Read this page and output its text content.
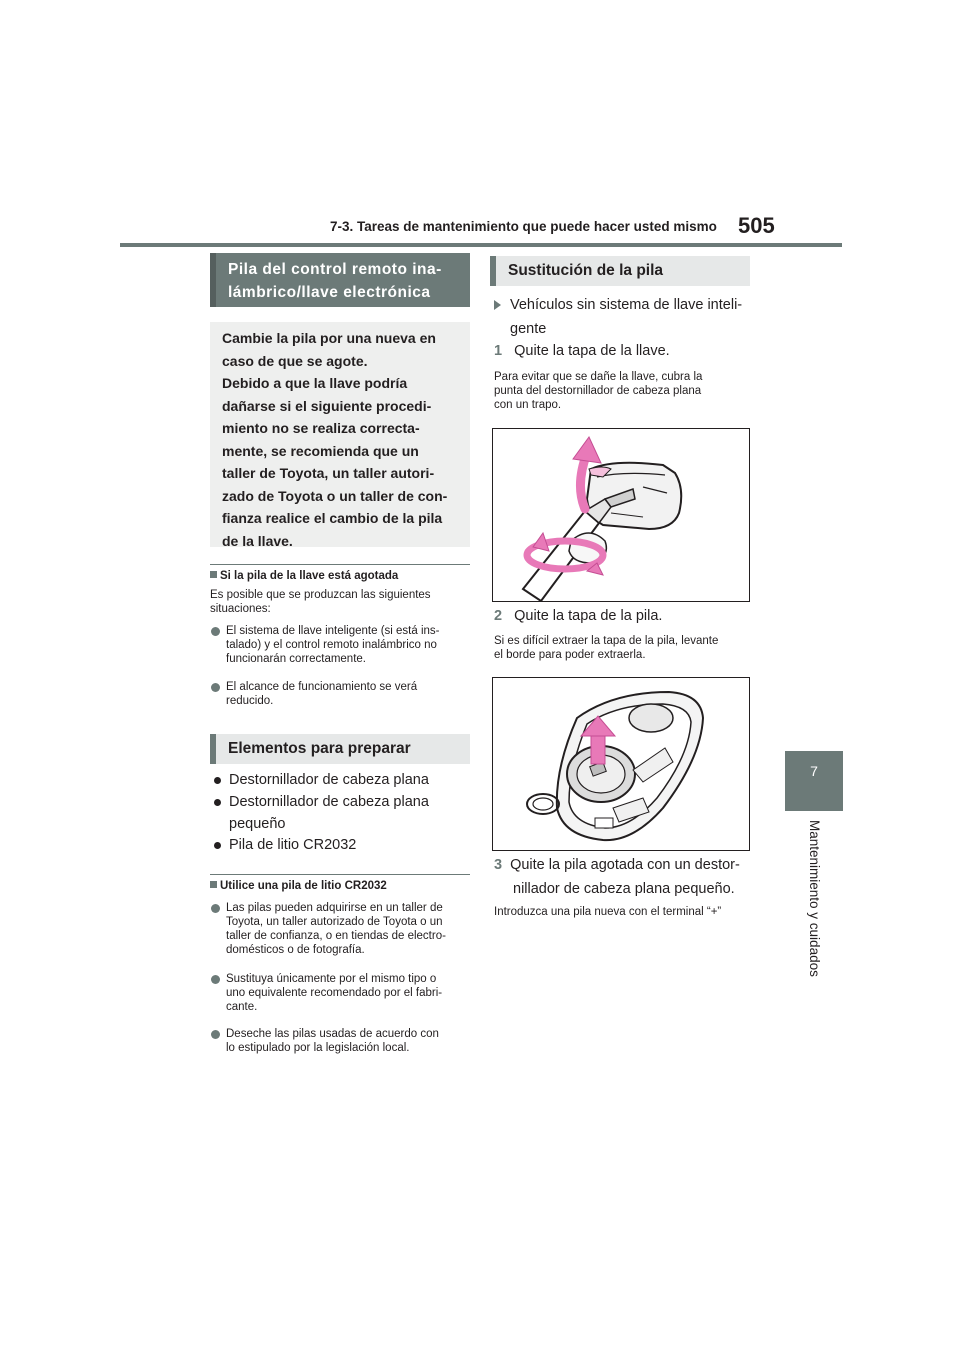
7-3. Tareas de mantenimiento que puede hacer usted mismo 505
7
Mantenimiento y cuidados
Pila del control remoto ina-
lámbrico/llave electrónica
Cambie la pila por una nueva en
caso de que se agote.
Debido a que la llave podría
dañarse si el siguiente procedi-
miento no se realiza correcta-
mente, se recomienda que un
taller de Toyota, un taller autori-
zado de Toyota o un taller de con-
fianza realice el cambio de la pila
de la llave.
Si la pila de la llave está agotada
Es posible que se produzcan las siguientes
situaciones:
El sistema de llave inteligente (si está ins-
talado) y el control remoto inalámbrico no
funcionarán correctamente.
El alcance de funcionamiento se verá
reducido.
Elementos para preparar
Destornillador de cabeza plana
Destornillador de cabeza plana
pequeño
Pila de litio CR2032
Utilice una pila de litio CR2032
Las pilas pueden adquirirse en un taller de
Toyota, un taller autorizado de Toyota o un
taller de confianza, o en tiendas de electro-
domésticos o de fotografía.
Sustituya únicamente por el mismo tipo o
uno equivalente recomendado por el fabri-
cante.
Deseche las pilas usadas de acuerdo con
lo estipulado por la legislación local.
Sustitución de la pila
Vehículos sin sistema de llave inteli-
gente
1 Quite la tapa de la llave.
Para evitar que se dañe la llave, cubra la
punta del destornillador de cabeza plana
con un trapo.
2 Quite la tapa de la pila.
Si es difícil extraer la tapa de la pila, levante
el borde para poder extraerla.
3 Quite la pila agotada con un destor-
nillador de cabeza plana pequeño.
Introduzca una pila nueva con el terminal “+”
